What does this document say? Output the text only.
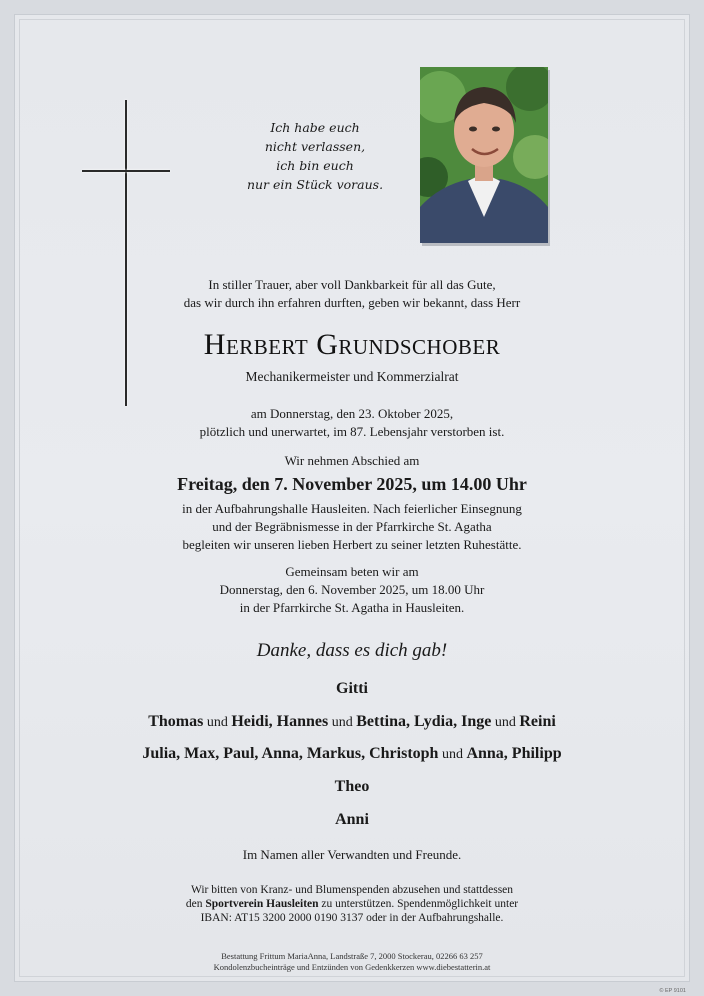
Ich habe euch
nicht verlassen,
ich bin euch
nur ein Stück voraus.
In stiller Trauer, aber voll Dankbarkeit für all das Gute,
das wir durch ihn erfahren durften, geben wir bekannt, dass Herr
Herbert Grundschober
Mechanikermeister und Kommerzialrat
am Donnerstag, den 23. Oktober 2025,
plötzlich und unerwartet, im 87. Lebensjahr verstorben ist.
Wir nehmen Abschied am
Freitag, den 7. November 2025, um 14.00 Uhr
in der Aufbahrungshalle Hausleiten. Nach feierlicher Einsegnung
und der Begräbnismesse in der Pfarrkirche St. Agatha
begleiten wir unseren lieben Herbert zu seiner letzten Ruhestätte.
Gemeinsam beten wir am
Donnerstag, den 6. November 2025, um 18.00 Uhr
in der Pfarrkirche St. Agatha in Hausleiten.
Danke, dass es dich gab!
Gitti
Thomas und Heidi, Hannes und Bettina, Lydia, Inge und Reini
Julia, Max, Paul, Anna, Markus, Christoph und Anna, Philipp
Theo
Anni
Im Namen aller Verwandten und Freunde.
Wir bitten von Kranz- und Blumenspenden abzusehen und stattdessen
den Sportverein Hausleiten zu unterstützen. Spendenmöglichkeit unter
IBAN: AT15 3200 2000 0190 3137 oder in der Aufbahrungshalle.
Bestattung Frittum MariaAnna, Landstraße 7, 2000 Stockerau, 02266 63 257
Kondolenzbucheinträge und Entzünden von Gedenkkerzen www.diebestatterin.at
© EP 9101
